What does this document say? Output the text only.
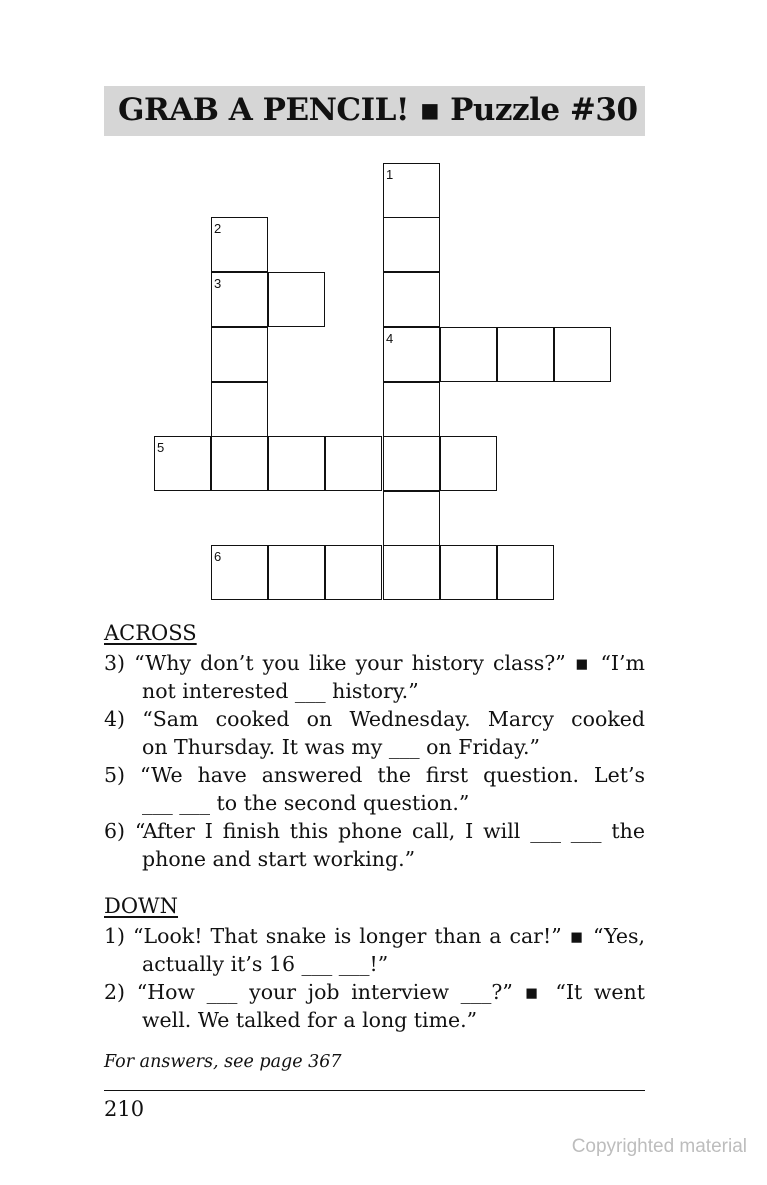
GRAB A PENCIL! ▪ Puzzle #30
1
4
2
3
5
6
ACROSS
3) “Why don’t you like your history class?” ▪ “I’m
not interested ___ history.”
4) “Sam cooked on Wednesday. Marcy cooked
on Thursday. It was my ___ on Friday.”
5) “We have answered the first question. Let’s
___ ___ to the second question.”
6) “After I finish this phone call, I will ___ ___ the
phone and start working.”
DOWN
1) “Look! That snake is longer than a car!” ▪ “Yes,
actually it’s 16 ___ ___!”
2) “How ___ your job interview ___?” ▪ “It went
well. We talked for a long time.”
For answers, see page 367
210
Copyrighted material
